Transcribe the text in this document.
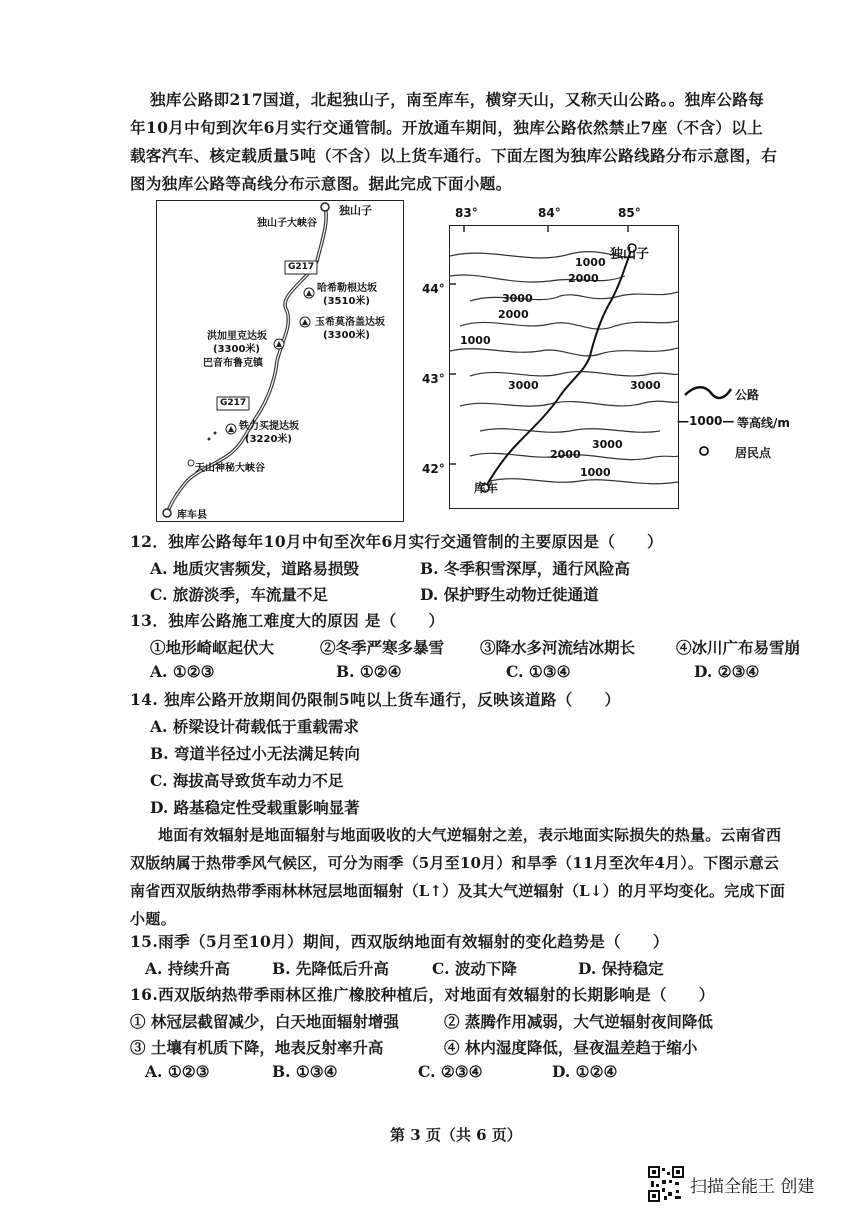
独库公路即217国道，北起独山子，南至库车，横穿天山，又称天山公路。。独库公路每
年10月中旬到次年6月实行交通管制。开放通车期间，独库公路依然禁止7座（不含）以上
载客汽车、核定载质量5吨（不含）以上货车通行。下面左图为独库公路线路分布示意图，右
图为独库公路等高线分布示意图。据此完成下面小题。
独山子
独山子大峡谷
G217
哈希勒根达坂
(3510米)
玉希莫洛盖达坂
(3300米)
洪加里克达坂
(3300米)
巴音布鲁克镇
G217
铁力买提达坂
(3220米)
天山神秘大峡谷
库车县
83°	84°	85°
44°
43°
42°
独山子
1000
2000
3000
2000
1000
3000	3000
3000
2000
1000
库车
公路
—1000— 等高线/m
居民点
12．独库公路每年10月中旬至次年6月实行交通管制的主要原因是（　　）
A. 地质灾害频发，道路易损毁	B. 冬季积雪深厚，通行风险高
C. 旅游淡季，车流量不足	D. 保护野生动物迁徙通道
13．独库公路施工难度大的原因 是（　　）
①地形崎岖起伏大	②冬季严寒多暴雪 ③降水多河流结冰期长	④冰川广布易雪崩
A. ①②③	B. ①②④	C. ①③④	D. ②③④
14. 独库公路开放期间仍限制5吨以上货车通行，反映该道路（　　）
A. 桥梁设计荷载低于重载需求
B. 弯道半径过小无法满足转向
C. 海拔高导致货车动力不足
D. 路基稳定性受载重影响显著
地面有效辐射是地面辐射与地面吸收的大气逆辐射之差，表示地面实际损失的热量。云南省西
双版纳属于热带季风气候区，可分为雨季（5月至10月）和旱季（11月至次年4月）。下图示意云
南省西双版纳热带季雨林林冠层地面辐射（L↑）及其大气逆辐射（L↓）的月平均变化。完成下面
小题。
15.雨季（5月至10月）期间，西双版纳地面有效辐射的变化趋势是（　　）
A. 持续升高	B. 先降低后升高	C. 波动下降	D. 保持稳定
16.西双版纳热带季雨林区推广橡胶种植后，对地面有效辐射的长期影响是（　　）
① 林冠层截留减少，白天地面辐射增强	② 蒸腾作用减弱，大气逆辐射夜间降低
③ 土壤有机质下降，地表反射率升高	④ 林内湿度降低，昼夜温差趋于缩小
A. ①②③	B. ①③④	C. ②③④	D. ①②④
第 3 页（共 6 页）
扫描全能王 创建
